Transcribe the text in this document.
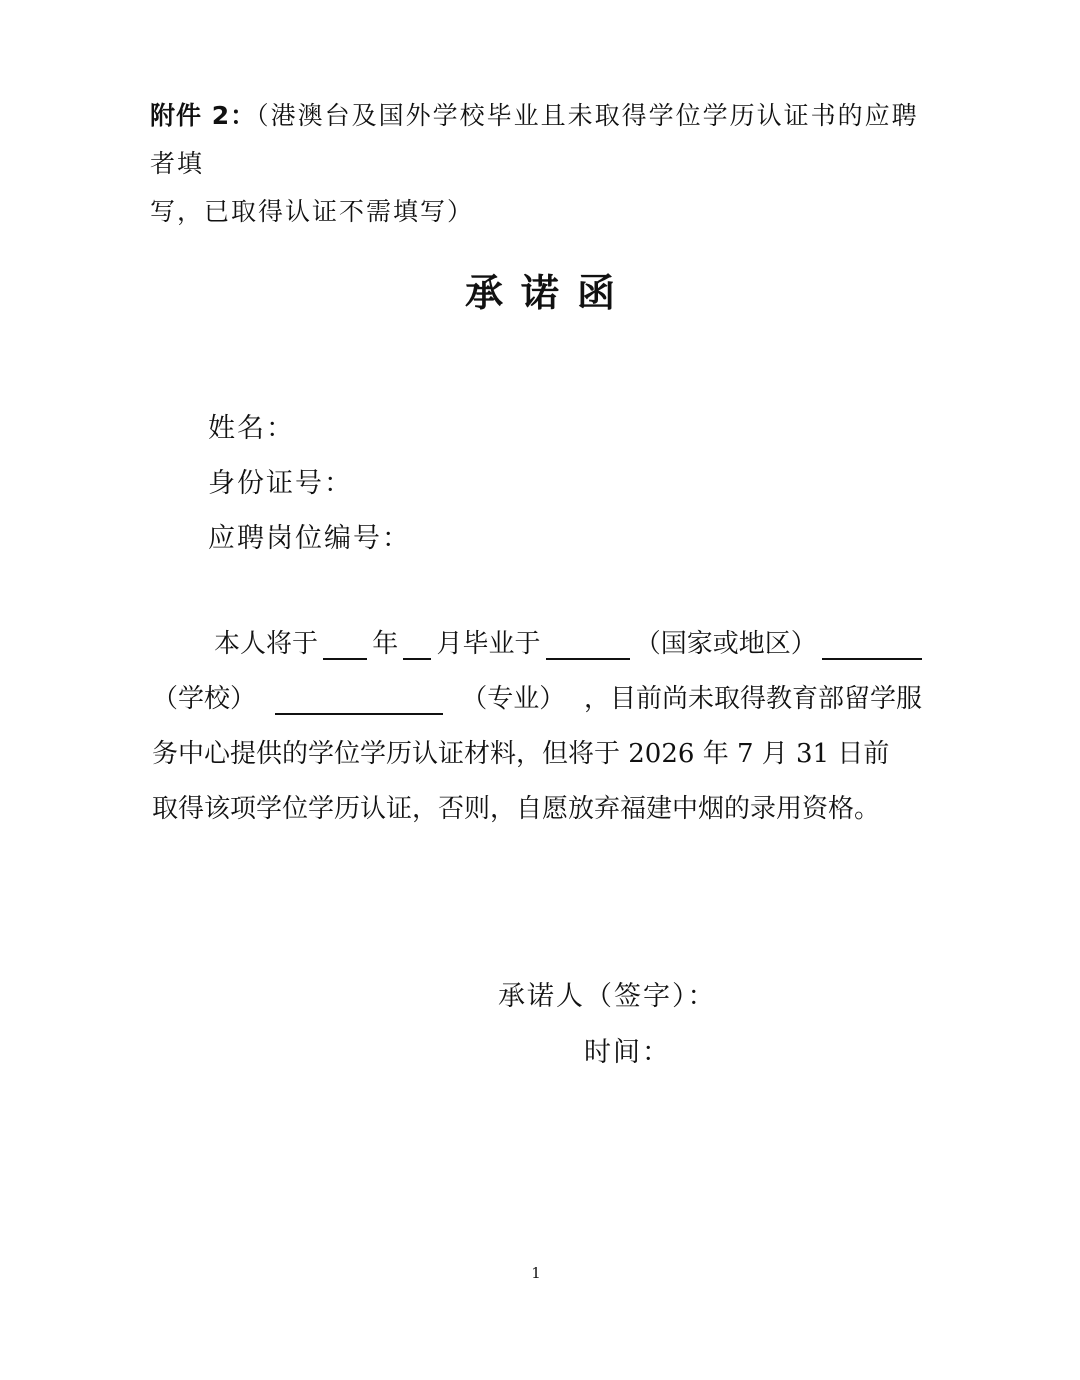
附件 2：（港澳台及国外学校毕业且未取得学位学历认证书的应聘者填
写，已取得认证不需填写）
承诺函
姓名：
身份证号：
应聘岗位编号：
本人将于 年 月毕业于	（国家或地区）
（学校）	（专业） ，目前尚未取得教育部留学服
务中心提供的学位学历认证材料，但将于 2026 年 7 月 31 日前
取得该项学位学历认证，否则，自愿放弃福建中烟的录用资格。
承诺人（签字）：
时间：
1
